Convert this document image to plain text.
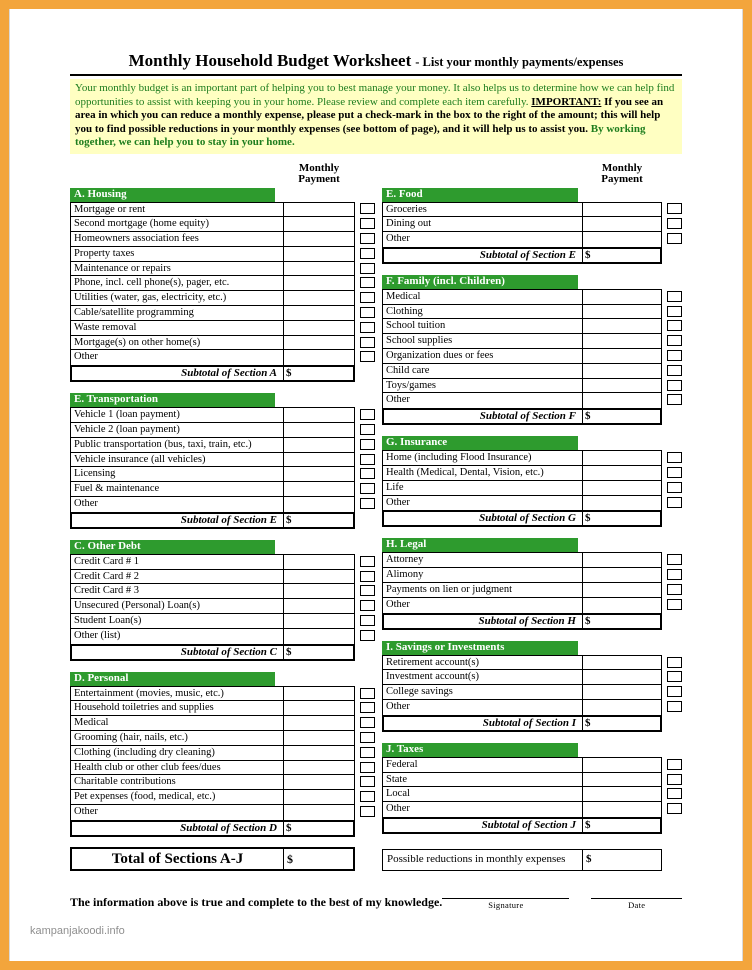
Monthly Household Budget Worksheet - List your monthly payments/expenses
Your monthly budget is an important part of helping you to best manage your money. It also helps us to determine how we can help find opportunities to assist with keeping you in your home. Please review and complete each item carefully. IMPORTANT: If you see an area in which you can reduce a monthly expense, please put a check-mark in the box to the right of the amount; this will help you to find possible reductions in your monthly expenses (see bottom of page), and it will help us to assist you. By working together, we can help you to stay in your home.
Monthly
Payment
A. Housing
Mortgage or rent
Second mortgage (home equity)
Homeowners association fees
Property taxes
Maintenance or repairs
Phone, incl. cell phone(s), pager, etc.
Utilities (water, gas, electricity, etc.)
Cable/satellite programming
Waste removal
Mortgage(s) on other home(s)
Other
Subtotal of Section A $
E. Transportation
Vehicle 1 (loan payment)
Vehicle 2 (loan payment)
Public transportation (bus, taxi, train, etc.)
Vehicle insurance (all vehicles)
Licensing
Fuel & maintenance
Other
Subtotal of Section E $
C. Other Debt
Credit Card # 1
Credit Card # 2
Credit Card # 3
Unsecured (Personal) Loan(s)
Student Loan(s)
Other (list)
Subtotal of Section C $
D. Personal
Entertainment (movies, music, etc.)
Household toiletries and supplies
Medical
Grooming (hair, nails, etc.)
Clothing (including dry cleaning)
Health club or other club fees/dues
Charitable contributions
Pet expenses (food, medical, etc.)
Other
Subtotal of Section D $
Monthly
Payment
E. Food
Groceries
Dining out
Other
Subtotal of Section E $
F. Family (incl. Children)
Medical
Clothing
School tuition
School supplies
Organization dues or fees
Child care
Toys/games
Other
Subtotal of Section F $
G. Insurance
Home (including Flood Insurance)
Health (Medical, Dental, Vision, etc.)
Life
Other
Subtotal of Section G $
H. Legal
Attorney
Alimony
Payments on lien or judgment
Other
Subtotal of Section H $
I. Savings or Investments
Retirement account(s)
Investment account(s)
College savings
Other
Subtotal of Section I $
J. Taxes
Federal
State
Local
Other
Subtotal of Section J $
Total of Sections A-J	$	Possible reductions in monthly expenses	$
The information above is true and complete to the best of my knowledge.	Signature	Date
kampanjakoodi.info
